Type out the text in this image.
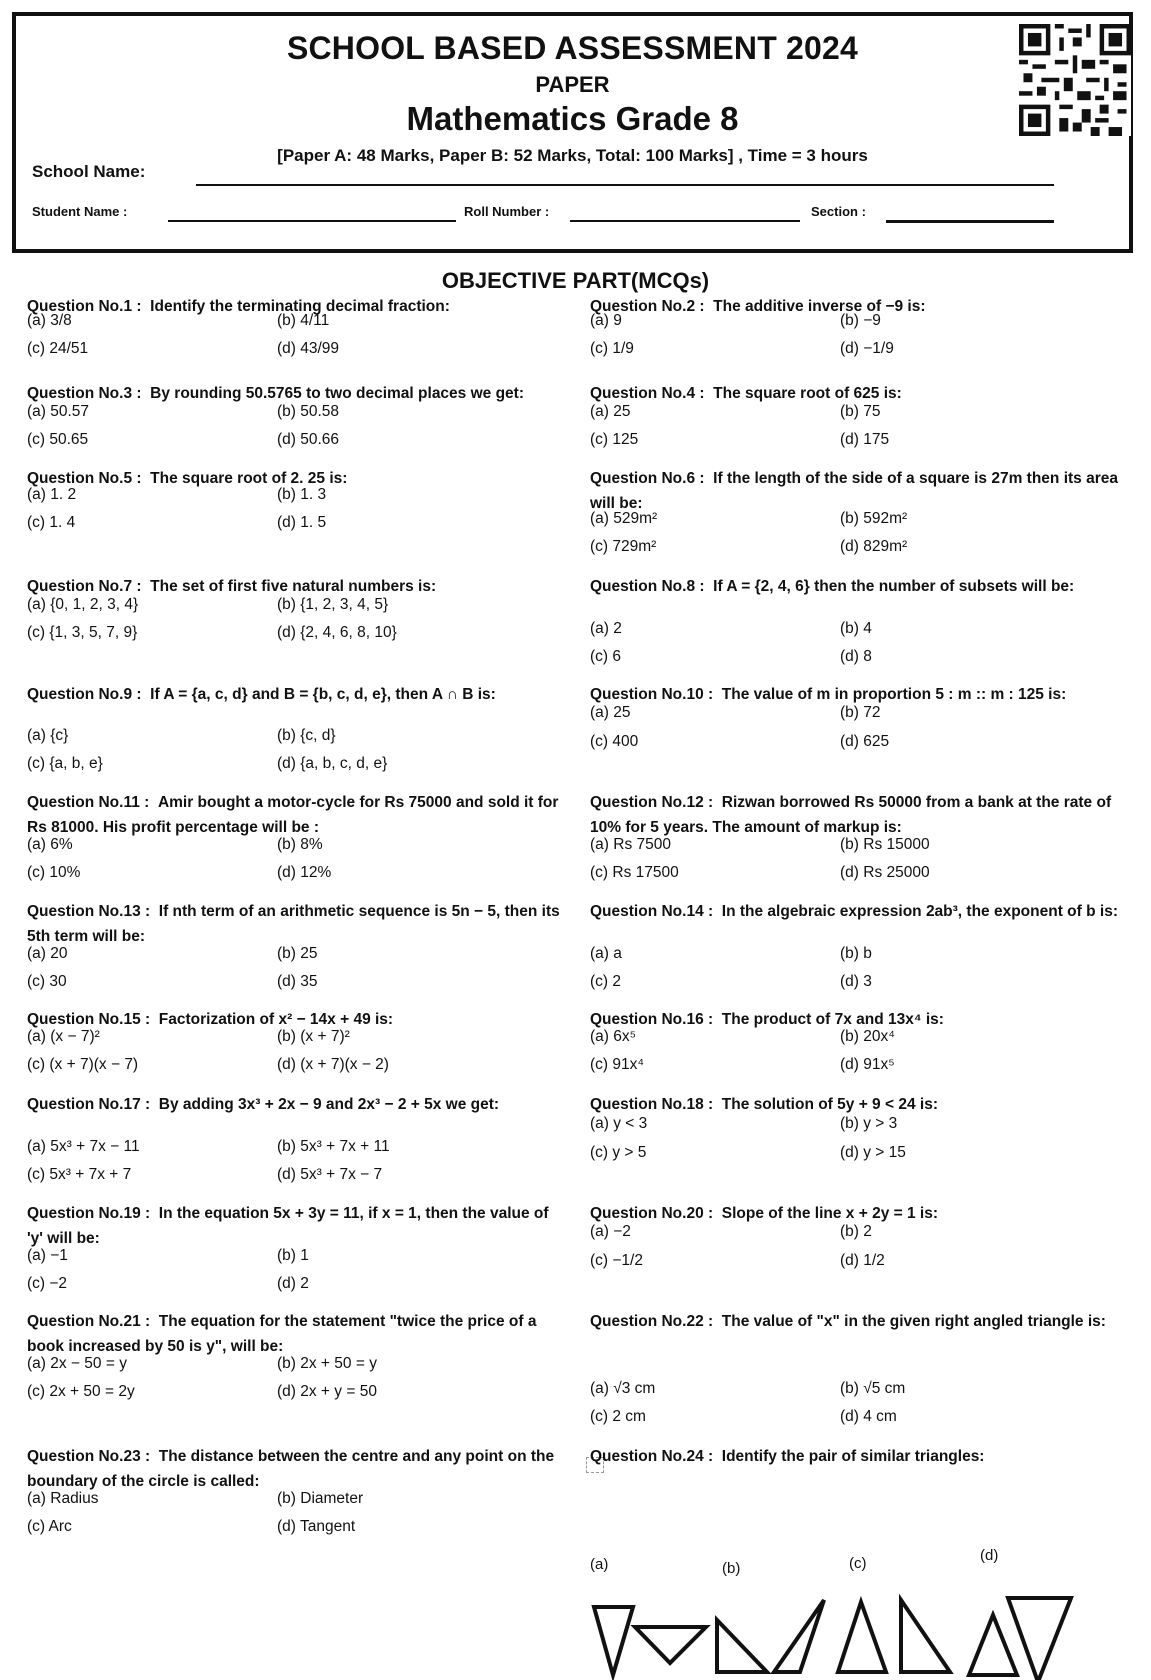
SCHOOL BASED ASSESSMENT 2024
PAPER
Mathematics Grade 8
[Paper A: 48 Marks, Paper B: 52 Marks, Total: 100 Marks] , Time = 3 hours
School Name:
Student Name :	Roll Number :	Section :
OBJECTIVE PART(MCQs)
Question No.1 : Identify the terminating decimal fraction:
(a) 3/8	(b) 4/11
(c) 24/51	(d) 43/99
Question No.2 : The additive inverse of −9 is:
(a) 9	(b) −9
(c) 1/9	(d) −1/9
Question No.3 : By rounding 50.5765 to two decimal places we get:
(a) 50.57	(b) 50.58
(c) 50.65	(d) 50.66
Question No.4 : The square root of 625 is:
(a) 25	(b) 75
(c) 125	(d) 175
Question No.5 : The square root of 2. 25 is:
(a) 1. 2	(b) 1. 3
(c) 1. 4	(d) 1. 5
Question No.6 : If the length of the side of a square is 27m then its area will be:
(a) 529m²	(b) 592m²
(c) 729m²	(d) 829m²
Question No.7 : The set of first five natural numbers is:
(a) {0, 1, 2, 3, 4}	(b) {1, 2, 3, 4, 5}
(c) {1, 3, 5, 7, 9}	(d) {2, 4, 6, 8, 10}
Question No.8 : If A = {2, 4, 6} then the number of subsets will be:
(a) 2	(b) 4
(c) 6	(d) 8
Question No.9 : If A = {a, c, d} and B = {b, c, d, e}, then A ∩ B is:
(a) {c}	(b) {c, d}
(c) {a, b, e}	(d) {a, b, c, d, e}
Question No.10 : The value of m in proportion 5 : m :: m : 125 is:
(a) 25	(b) 72
(c) 400	(d) 625
Question No.11 : Amir bought a motor-cycle for Rs 75000 and sold it for Rs 81000. His profit percentage will be :
(a) 6%	(b) 8%
(c) 10%	(d) 12%
Question No.12 : Rizwan borrowed Rs 50000 from a bank at the rate of 10% for 5 years. The amount of markup is:
(a) Rs 7500	(b) Rs 15000
(c) Rs 17500	(d) Rs 25000
Question No.13 : If nth term of an arithmetic sequence is 5n − 5, then its 5th term will be:
(a) 20	(b) 25
(c) 30	(d) 35
Question No.14 : In the algebraic expression 2ab³, the exponent of b is:
(a) a	(b) b
(c) 2	(d) 3
Question No.15 : Factorization of x² − 14x + 49 is:
(a) (x − 7)²	(b) (x + 7)²
(c) (x + 7)(x − 7)	(d) (x + 7)(x − 2)
Question No.16 : The product of 7x and 13x⁴ is:
(a) 6x⁵	(b) 20x⁴
(c) 91x⁴	(d) 91x⁵
Question No.17 : By adding 3x³ + 2x − 9 and 2x³ − 2 + 5x we get:
(a) 5x³ + 7x − 11	(b) 5x³ + 7x + 11
(c) 5x³ + 7x + 7	(d) 5x³ + 7x − 7
Question No.18 : The solution of 5y + 9 < 24 is:
(a) y < 3	(b) y > 3
(c) y > 5	(d) y > 15
Question No.19 : In the equation 5x + 3y = 11, if x = 1, then the value of 'y' will be:
(a) −1	(b) 1
(c) −2	(d) 2
Question No.20 : Slope of the line x + 2y = 1 is:
(a) −2	(b) 2
(c) −1/2	(d) 1/2
Question No.21 : The equation for the statement "twice the price of a book increased by 50 is y", will be:
(a) 2x − 50 = y	(b) 2x + 50 = y
(c) 2x + 50 = 2y	(d) 2x + y = 50
Question No.22 : The value of "x" in the given right angled triangle is:
(a) √3 cm	(b) √5 cm
(c) 2 cm	(d) 4 cm
Question No.23 : The distance between the centre and any point on the boundary of the circle is called:
(a) Radius	(b) Diameter
(c) Arc	(d) Tangent
Question No.24 : Identify the pair of similar triangles:
(a)	(b)	(c)	(d)
